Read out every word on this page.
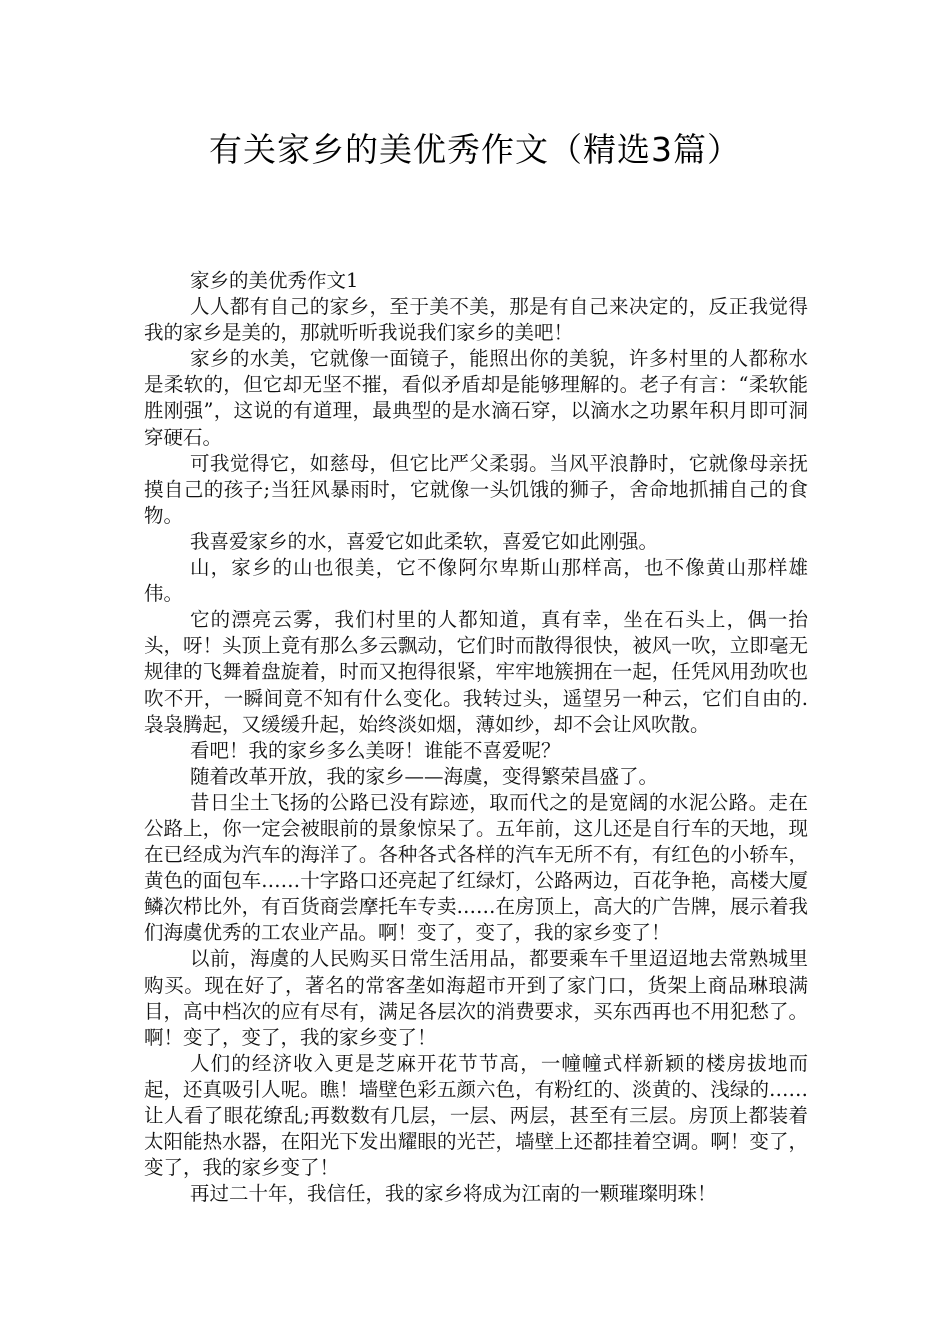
有关家乡的美优秀作文（精选3篇）

家乡的美优秀作文1

人人都有自己的家乡，至于美不美，那是有自己来决定的，反正我觉得我的家乡是美的，那就听听我说我们家乡的美吧！

家乡的水美，它就像一面镜子，能照出你的美貌，许多村里的人都称水是柔软的，但它却无坚不摧，看似矛盾却是能够理解的。老子有言：“柔软能胜刚强”，这说的有道理，最典型的是水滴石穿，以滴水之功累年积月即可洞穿硬石。

可我觉得它，如慈母，但它比严父柔弱。当风平浪静时，它就像母亲抚摸自己的孩子;当狂风暴雨时，它就像一头饥饿的狮子，舍命地抓捕自己的食物。

我喜爱家乡的水，喜爱它如此柔软，喜爱它如此刚强。

山，家乡的山也很美，它不像阿尔卑斯山那样高，也不像黄山那样雄伟。

它的漂亮云雾，我们村里的人都知道，真有幸，坐在石头上，偶一抬头，呀！头顶上竟有那么多云飘动，它们时而散得很快，被风一吹，立即毫无规律的飞舞着盘旋着，时而又抱得很紧，牢牢地簇拥在一起，任凭风用劲吹也吹不开，一瞬间竟不知有什么变化。我转过头，遥望另一种云，它们自由的.袅袅腾起，又缓缓升起，始终淡如烟，薄如纱，却不会让风吹散。

看吧！我的家乡多么美呀！谁能不喜爱呢？

随着改革开放，我的家乡——海虞，变得繁荣昌盛了。

昔日尘土飞扬的公路已没有踪迹，取而代之的是宽阔的水泥公路。走在公路上，你一定会被眼前的景象惊呆了。五年前，这儿还是自行车的天地，现在已经成为汽车的海洋了。各种各式各样的汽车无所不有，有红色的小轿车，黄色的面包车……十字路口还亮起了红绿灯，公路两边，百花争艳，高楼大厦鳞次栉比外，有百货商尝摩托车专卖……在房顶上，高大的广告牌，展示着我们海虞优秀的工农业产品。啊！变了，变了，我的家乡变了！

以前，海虞的人民购买日常生活用品，都要乘车千里迢迢地去常熟城里购买。现在好了，著名的常客垄如海超市开到了家门口，货架上商品琳琅满目，高中档次的应有尽有，满足各层次的消费要求，买东西再也不用犯愁了。啊！变了，变了，我的家乡变了！

人们的经济收入更是芝麻开花节节高，一幢幢式样新颖的楼房拔地而起，还真吸引人呢。瞧！墙壁色彩五颜六色，有粉红的、淡黄的、浅绿的……让人看了眼花缭乱;再数数有几层，一层、两层，甚至有三层。房顶上都装着太阳能热水器，在阳光下发出耀眼的光芒，墙壁上还都挂着空调。啊！变了，变了，我的家乡变了！

再过二十年，我信任，我的家乡将成为江南的一颗璀璨明珠！
